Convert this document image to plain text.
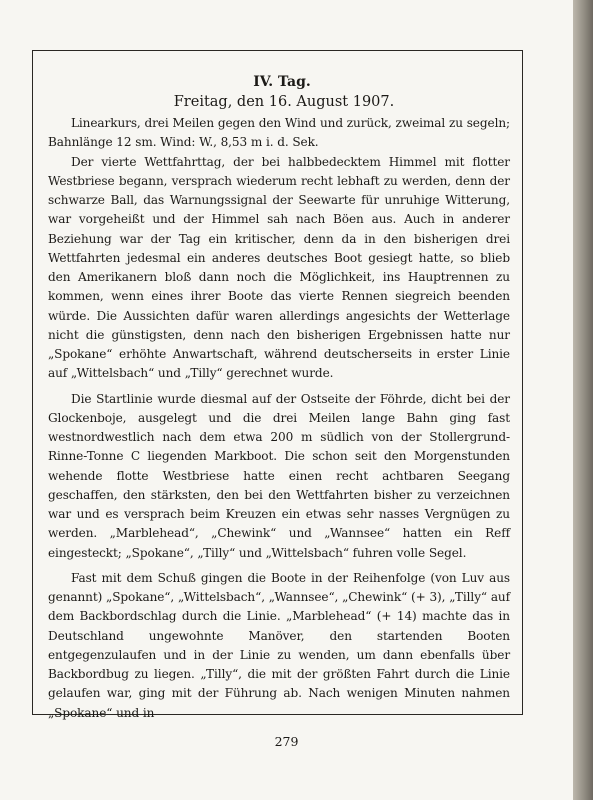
IV. Tag.
Freitag, den 16. August 1907.

Linearkurs, drei Meilen gegen den Wind und zurück, zweimal zu segeln; Bahnlänge 12 sm. Wind: W., 8,53 m i. d. Sek.

Der vierte Wettfahrttag, der bei halbbedecktem Himmel mit flotter Westbriese begann, versprach wiederum recht lebhaft zu werden, denn der schwarze Ball, das Warnungssignal der Seewarte für unruhige Witterung, war vorgeheißt und der Himmel sah nach Böen aus. Auch in anderer Beziehung war der Tag ein kritischer, denn da in den bisherigen drei Wettfahrten jedesmal ein anderes deutsches Boot gesiegt hatte, so blieb den Amerikanern bloß dann noch die Möglichkeit, ins Hauptrennen zu kommen, wenn eines ihrer Boote das vierte Rennen siegreich beenden würde. Die Aussichten dafür waren allerdings angesichts der Wetterlage nicht die günstigsten, denn nach den bisherigen Ergebnissen hatte nur „Spokane“ erhöhte Anwartschaft, während deutscherseits in erster Linie auf „Wittelsbach“ und „Tilly“ gerechnet wurde.

Die Startlinie wurde diesmal auf der Ostseite der Föhrde, dicht bei der Glockenboje, ausgelegt und die drei Meilen lange Bahn ging fast westnordwestlich nach dem etwa 200 m südlich von der Stollergrund-Rinne-Tonne C liegenden Markboot. Die schon seit den Morgenstunden wehende flotte Westbriese hatte einen recht achtbaren Seegang geschaffen, den stärksten, den bei den Wettfahrten bisher zu verzeichnen war und es versprach beim Kreuzen ein etwas sehr nasses Vergnügen zu werden. „Marblehead“, „Chewink“ und „Wannsee“ hatten ein Reff eingesteckt; „Spokane“, „Tilly“ und „Wittelsbach“ fuhren volle Segel.

Fast mit dem Schuß gingen die Boote in der Reihenfolge (von Luv aus genannt) „Spokane“, „Wittelsbach“, „Wannsee“, „Chewink“ (+ 3), „Tilly“ auf dem Backbordschlag durch die Linie. „Marblehead“ (+ 14) machte das in Deutschland ungewohnte Manöver, den startenden Booten entgegenzulaufen und in der Linie zu wenden, um dann ebenfalls über Backbordbug zu liegen. „Tilly“, die mit der größten Fahrt durch die Linie gelaufen war, ging mit der Führung ab. Nach wenigen Minuten nahmen „Spokane“ und in

279
